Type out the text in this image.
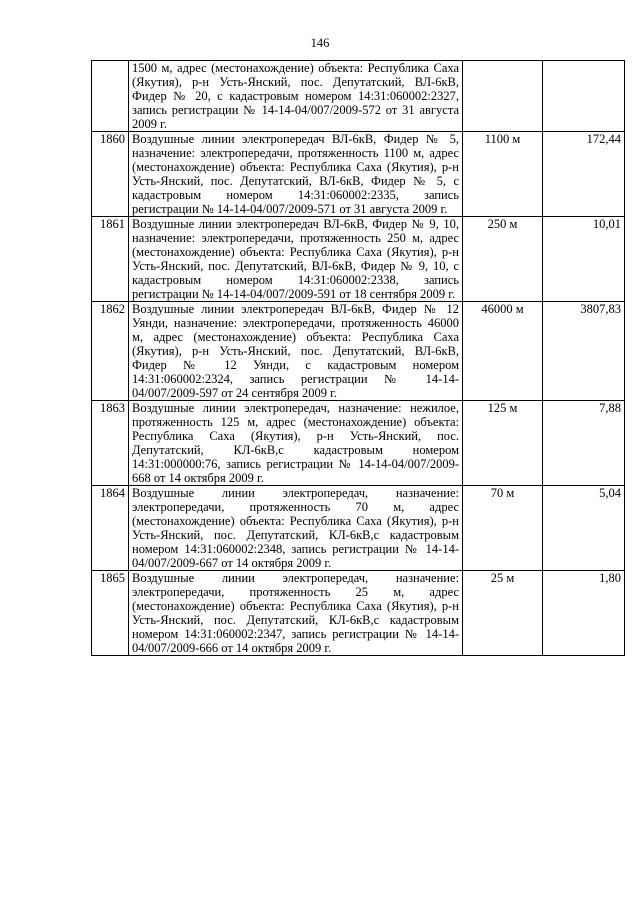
146
	1500 м, адрес (местонахождение) объекта: Республика Саха (Якутия), р-н Усть-Янский, пос. Депутатский, ВЛ-6кВ, Фидер № 20, с кадастровым номером 14:31:060002:2327, запись регистрации № 14-14-04/007/2009-572 от 31 августа 2009 г.		
1860	Воздушные линии электропередач ВЛ-6кВ, Фидер № 5, назначение: электропередачи, протяженность 1100 м, адрес (местонахождение) объекта: Республика Саха (Якутия), р-н Усть-Янский, пос. Депутатский, ВЛ-6кВ, Фидер № 5, с кадастровым номером 14:31:060002:2335, запись регистрации № 14-14-04/007/2009-571 от 31 августа 2009 г.	1100 м	172,44
1861	Воздушные линии электропередач ВЛ-6кВ, Фидер № 9, 10, назначение: электропередачи, протяженность 250 м, адрес (местонахождение) объекта: Республика Саха (Якутия), р-н Усть-Янский, пос. Депутатский, ВЛ-6кВ, Фидер № 9, 10, с кадастровым номером 14:31:060002:2338, запись регистрации № 14-14-04/007/2009-591 от 18 сентября 2009 г.	250 м	10,01
1862	Воздушные линии электропередач ВЛ-6кВ, Фидер № 12 Уянди, назначение: электропередачи, протяженность 46000 м, адрес (местонахождение) объекта: Республика Саха (Якутия), р-н Усть-Янский, пос. Депутатский, ВЛ-6кВ, Фидер № 12 Уянди, с кадастровым номером 14:31:060002:2324, запись регистрации № 14-14-04/007/2009-597 от 24 сентября 2009 г.	46000 м	3807,83
1863	Воздушные линии электропередач, назначение: нежилое, протяженность 125 м, адрес (местонахождение) объекта: Республика Саха (Якутия), р-н Усть-Янский, пос. Депутатский, КЛ-6кВ,с кадастровым номером 14:31:000000:76, запись регистрации № 14-14-04/007/2009-668 от 14 октября 2009 г.	125 м	7,88
1864	Воздушные линии электропередач, назначение: электропередачи, протяженность 70 м, адрес (местонахождение) объекта: Республика Саха (Якутия), р-н Усть-Янский, пос. Депутатский, КЛ-6кВ,с кадастровым номером 14:31:060002:2348, запись регистрации № 14-14-04/007/2009-667 от 14 октября 2009 г.	70 м	5,04
1865	Воздушные линии электропередач, назначение: электропередачи, протяженность 25 м, адрес (местонахождение) объекта: Республика Саха (Якутия), р-н Усть-Янский, пос. Депутатский, КЛ-6кВ,с кадастровым номером 14:31:060002:2347, запись регистрации № 14-14-04/007/2009-666 от 14 октября 2009 г.	25 м	1,80
